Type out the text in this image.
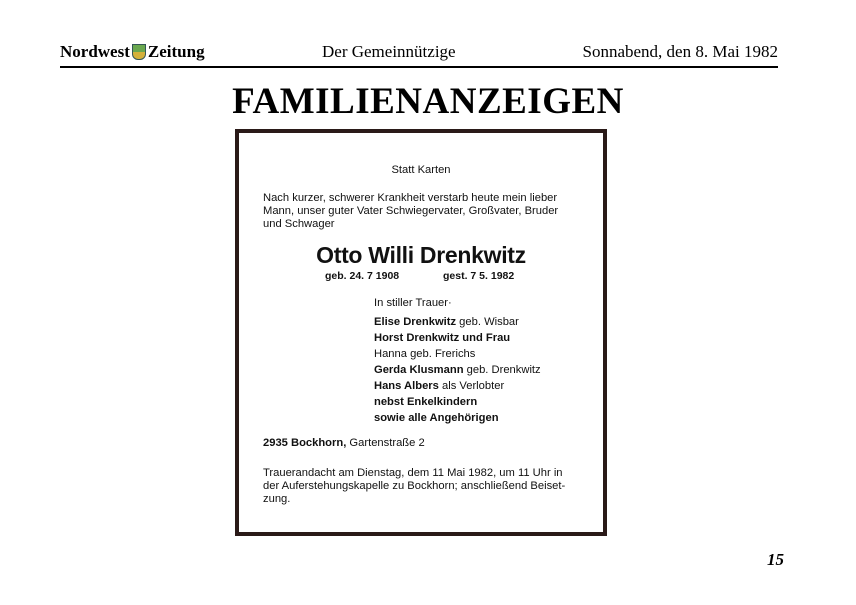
Nordwest Zeitung	Der Gemeinnützige	Sonnabend, den 8. Mai 1982
FAMILIENANZEIGEN
Statt Karten
Nach kurzer, schwerer Krankheit verstarb heute mein lieber
Mann, unser guter Vater Schwiegervater, Großvater, Bruder
und Schwager
Otto Willi Drenkwitz
geb. 24. 7 1908	gest. 7 5. 1982
In stiller Trauer·
Elise Drenkwitz geb. Wisbar
Horst Drenkwitz und Frau
Hanna geb. Frerichs
Gerda Klusmann geb. Drenkwitz
Hans Albers als Verlobter
nebst Enkelkindern
sowie alle Angehörigen
2935 Bockhorn, Gartenstraße 2
Trauerandacht am Dienstag, dem 11 Mai 1982, um 11 Uhr in
der Auferstehungskapelle zu Bockhorn; anschließend Beiset-
zung.
15
